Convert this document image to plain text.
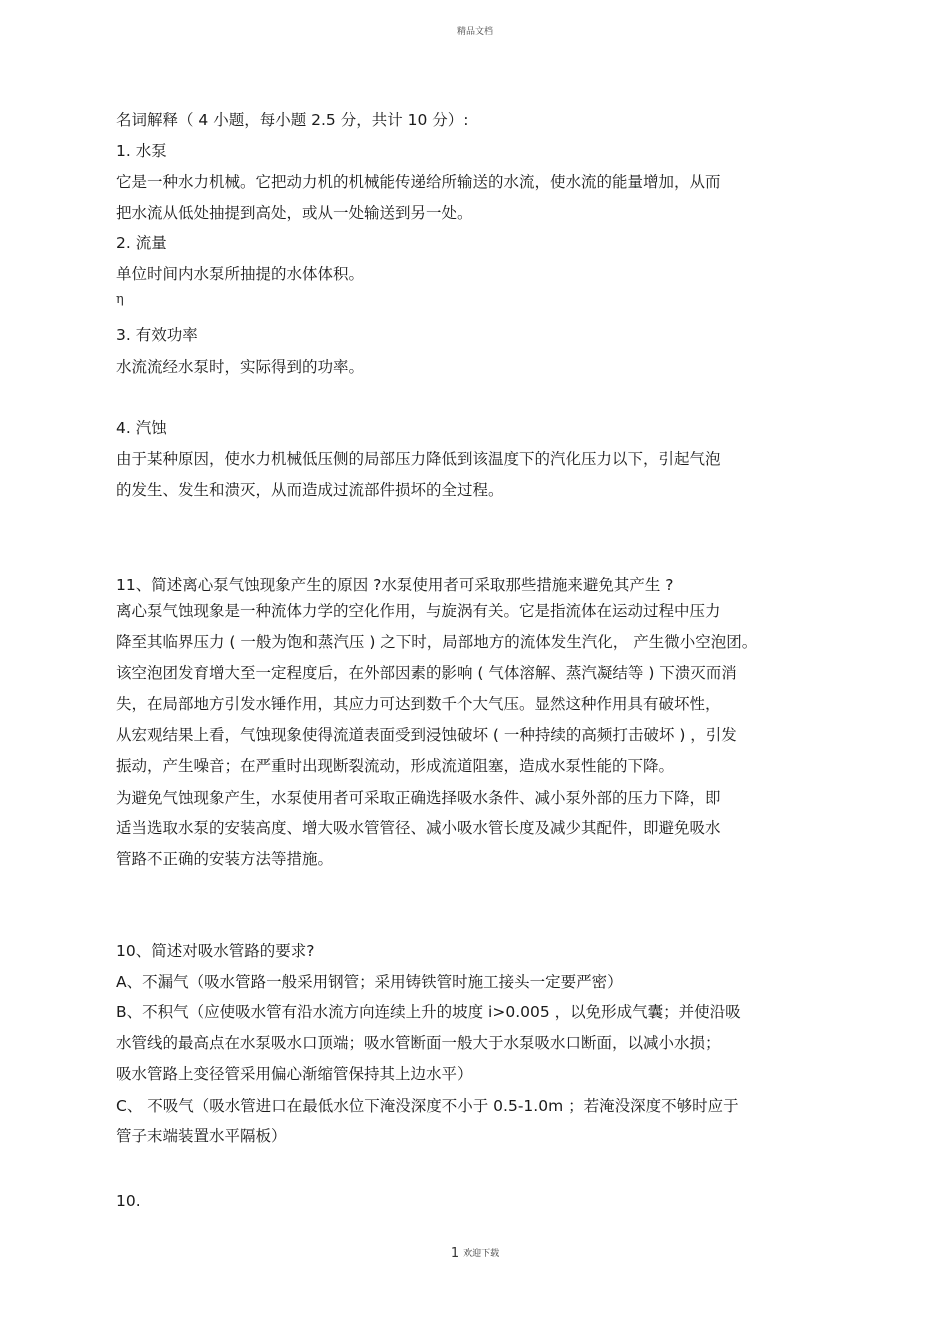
精品文档
名词解释（ 4 小题，每小题 2.5 分，共计 10 分）:
1. 水泵
它是一种水力机械。它把动力机的机械能传递给所输送的水流，使水流的能量增加，从而
把水流从低处抽提到高处，或从一处输送到另一处。
2. 流量
单位时间内水泵所抽提的水体体积。
η
3. 有效功率
水流流经水泵时，实际得到的功率。
4. 汽蚀
由于某种原因，使水力机械低压侧的局部压力降低到该温度下的汽化压力以下，引起气泡
的发生、发生和溃灭，从而造成过流部件损坏的全过程。
11、简述离心泵气蚀现象产生的原因 ?水泵使用者可采取那些措施来避免其产生 ?
离心泵气蚀现象是一种流体力学的空化作用，与旋涡有关。它是指流体在运动过程中压力
降至其临界压力 ( 一般为饱和蒸汽压 ) 之下时，局部地方的流体发生汽化， 产生微小空泡团。
该空泡团发育增大至一定程度后，在外部因素的影响 ( 气体溶解、蒸汽凝结等 ) 下溃灭而消
失，在局部地方引发水锤作用，其应力可达到数千个大气压。显然这种作用具有破坏性，
从宏观结果上看，气蚀现象使得流道表面受到浸蚀破坏 ( 一种持续的高频打击破坏 ) ，引发
振动，产生噪音；在严重时出现断裂流动，形成流道阻塞，造成水泵性能的下降。
为避免气蚀现象产生，水泵使用者可采取正确选择吸水条件、减小泵外部的压力下降，即
适当选取水泵的安装高度、增大吸水管管径、减小吸水管长度及减少其配件，即避免吸水
管路不正确的安装方法等措施。
10、简述对吸水管路的要求?
A、不漏气（吸水管路一般采用钢管；采用铸铁管时施工接头一定要严密）
B、不积气（应使吸水管有沿水流方向连续上升的坡度 i>0.005 ，以免形成气囊；并使沿吸
水管线的最高点在水泵吸水口顶端；吸水管断面一般大于水泵吸水口断面，以减小水损；
吸水管路上变径管采用偏心渐缩管保持其上边水平）
C、 不吸气（吸水管进口在最低水位下淹没深度不小于 0.5-1.0m ；若淹没深度不够时应于
管子末端装置水平隔板）
10.
1 欢迎下载
